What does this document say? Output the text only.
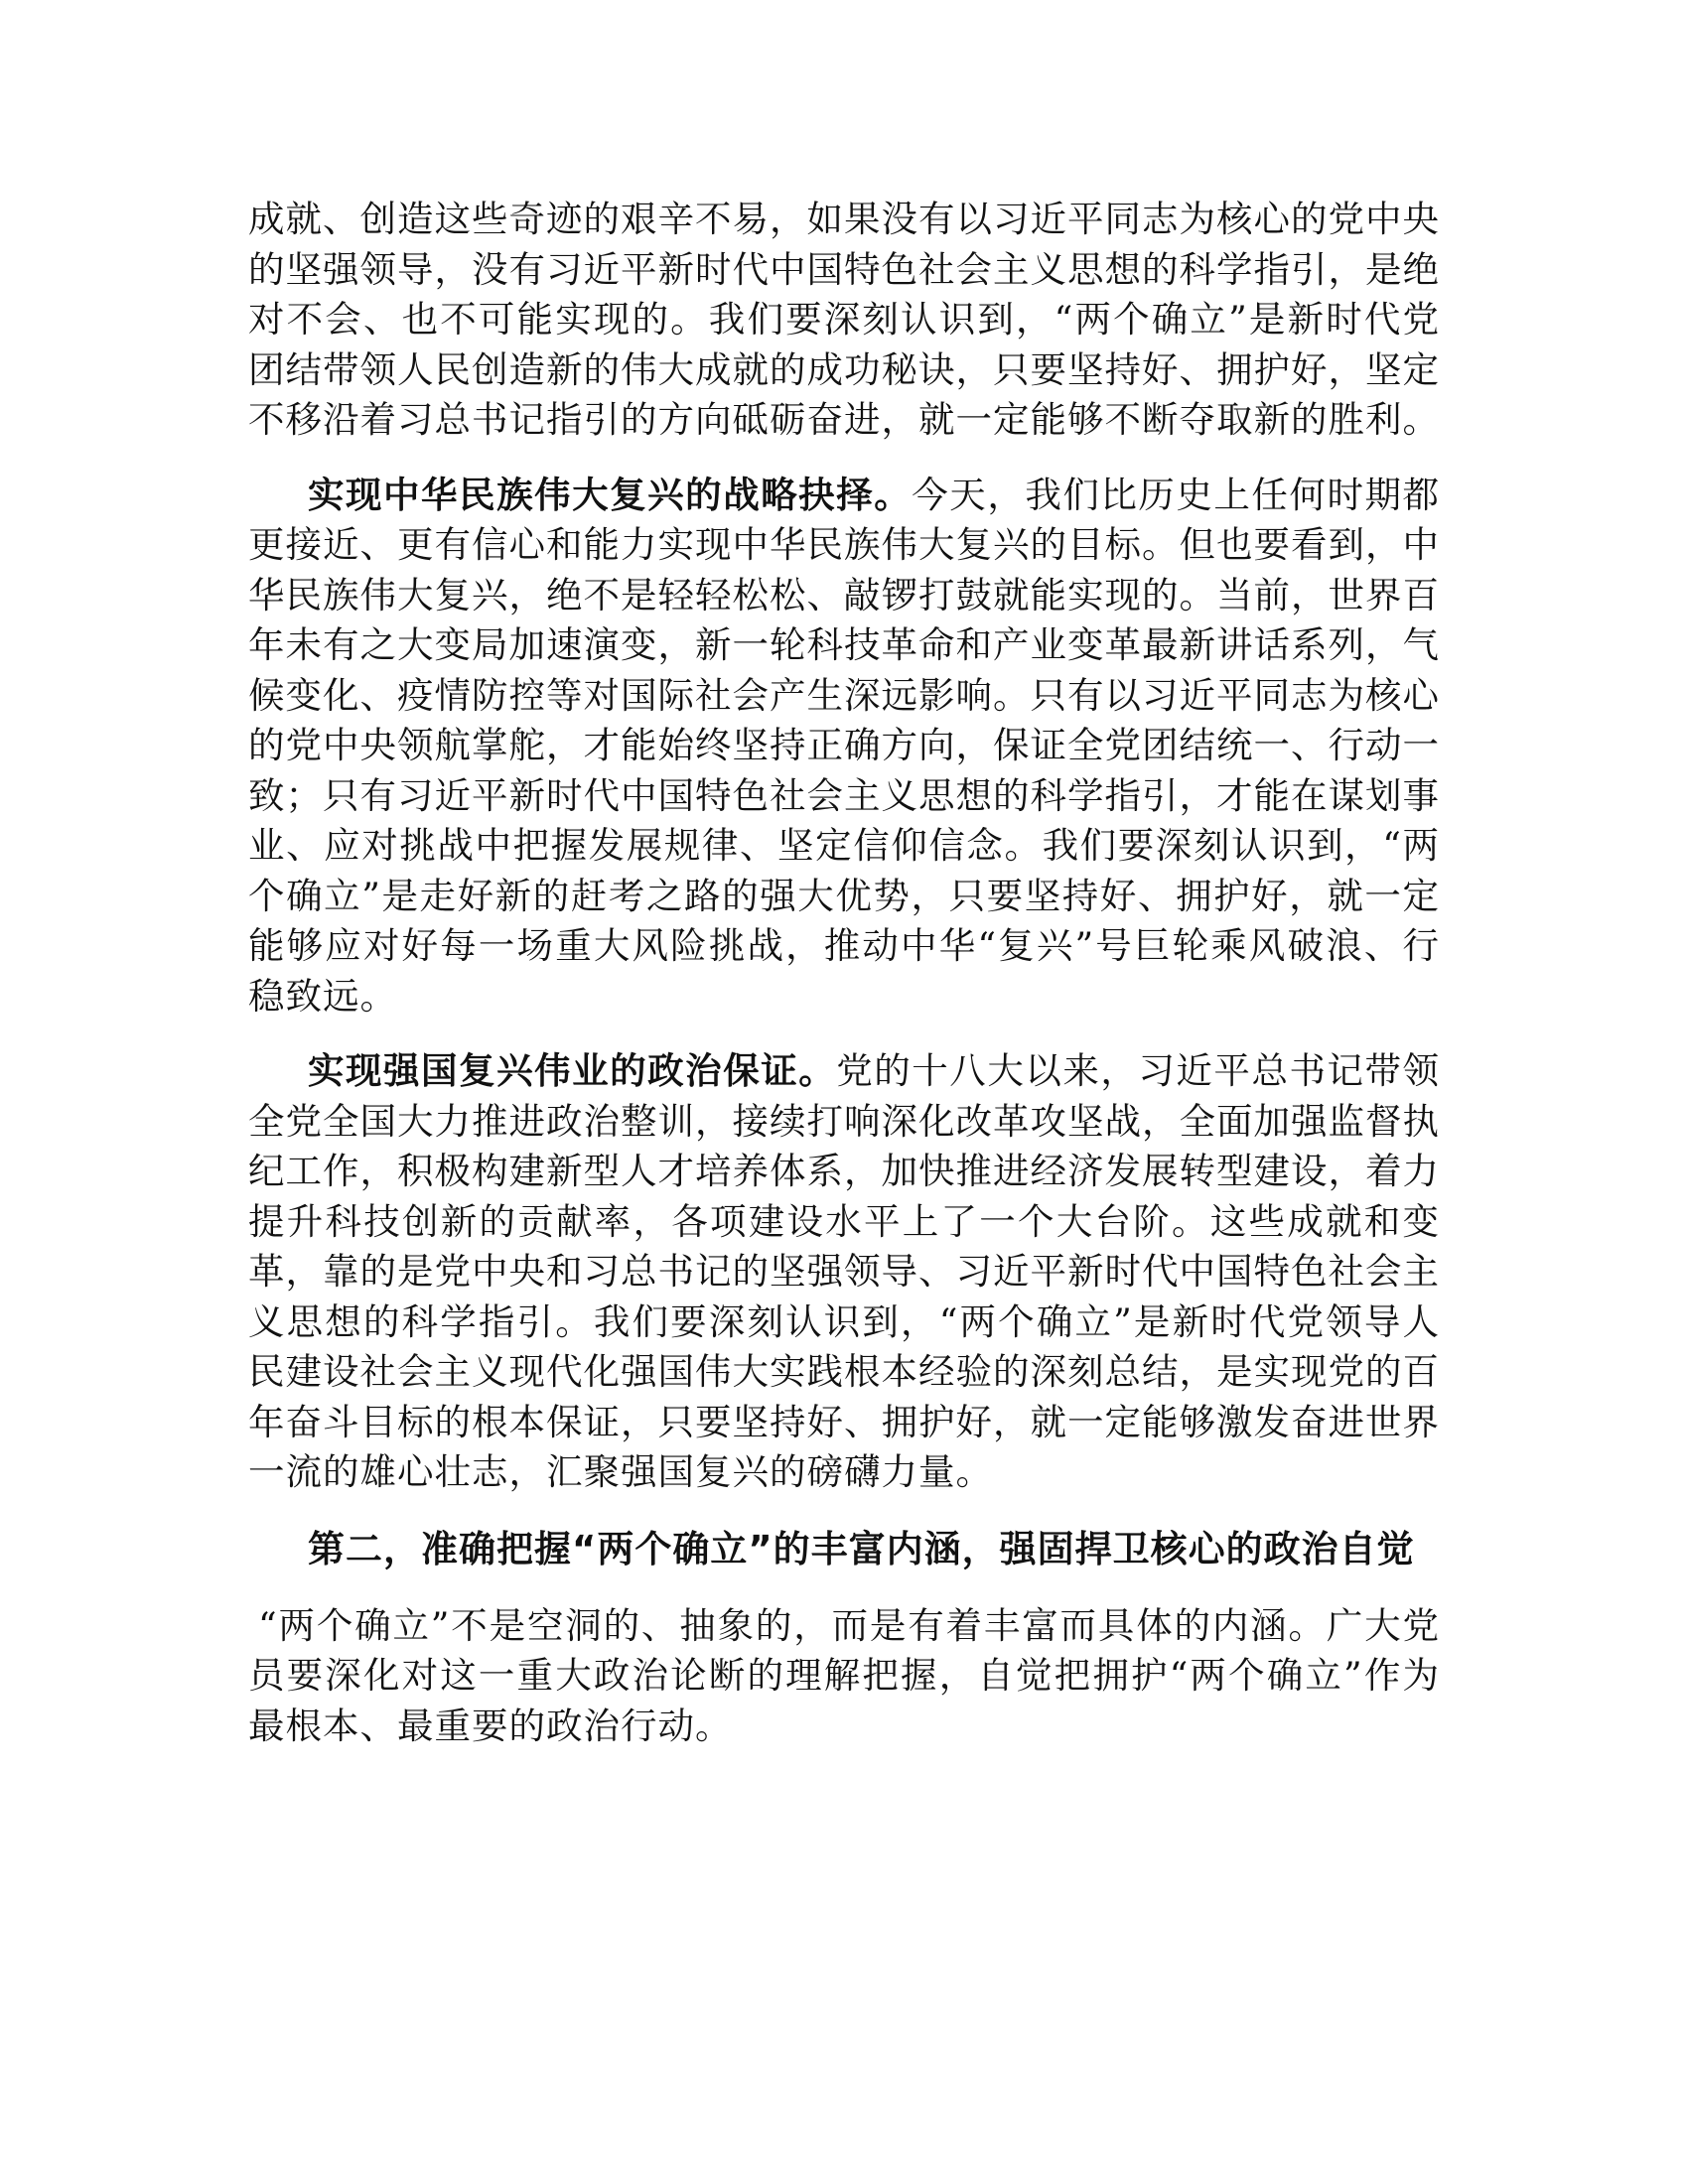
成就、创造这些奇迹的艰辛不易，如果没有以习近平同志为核心的党中央的坚强领导，没有习近平新时代中国特色社会主义思想的科学指引，是绝对不会、也不可能实现的。我们要深刻认识到，“两个确立”是新时代党团结带领人民创造新的伟大成就的成功秘诀，只要坚持好、拥护好，坚定不移沿着习总书记指引的方向砥砺奋进，就一定能够不断夺取新的胜利。

实现中华民族伟大复兴的战略抉择。今天，我们比历史上任何时期都更接近、更有信心和能力实现中华民族伟大复兴的目标。但也要看到，中华民族伟大复兴，绝不是轻轻松松、敲锣打鼓就能实现的。当前，世界百年未有之大变局加速演变，新一轮科技革命和产业变革最新讲话系列，气候变化、疫情防控等对国际社会产生深远影响。只有以习近平同志为核心的党中央领航掌舵，才能始终坚持正确方向，保证全党团结统一、行动一致；只有习近平新时代中国特色社会主义思想的科学指引，才能在谋划事业、应对挑战中把握发展规律、坚定信仰信念。我们要深刻认识到，“两个确立”是走好新的赶考之路的强大优势，只要坚持好、拥护好，就一定能够应对好每一场重大风险挑战，推动中华“复兴”号巨轮乘风破浪、行稳致远。

实现强国复兴伟业的政治保证。党的十八大以来，习近平总书记带领全党全国大力推进政治整训，接续打响深化改革攻坚战，全面加强监督执纪工作，积极构建新型人才培养体系，加快推进经济发展转型建设，着力提升科技创新的贡献率，各项建设水平上了一个大台阶。这些成就和变革，靠的是党中央和习总书记的坚强领导、习近平新时代中国特色社会主义思想的科学指引。我们要深刻认识到，“两个确立”是新时代党领导人民建设社会主义现代化强国伟大实践根本经验的深刻总结，是实现党的百年奋斗目标的根本保证，只要坚持好、拥护好，就一定能够激发奋进世界一流的雄心壮志，汇聚强国复兴的磅礴力量。

第二，准确把握“两个确立”的丰富内涵，强固捍卫核心的政治自觉

“两个确立”不是空洞的、抽象的，而是有着丰富而具体的内涵。广大党员要深化对这一重大政治论断的理解把握，自觉把拥护“两个确立”作为最根本、最重要的政治行动。
